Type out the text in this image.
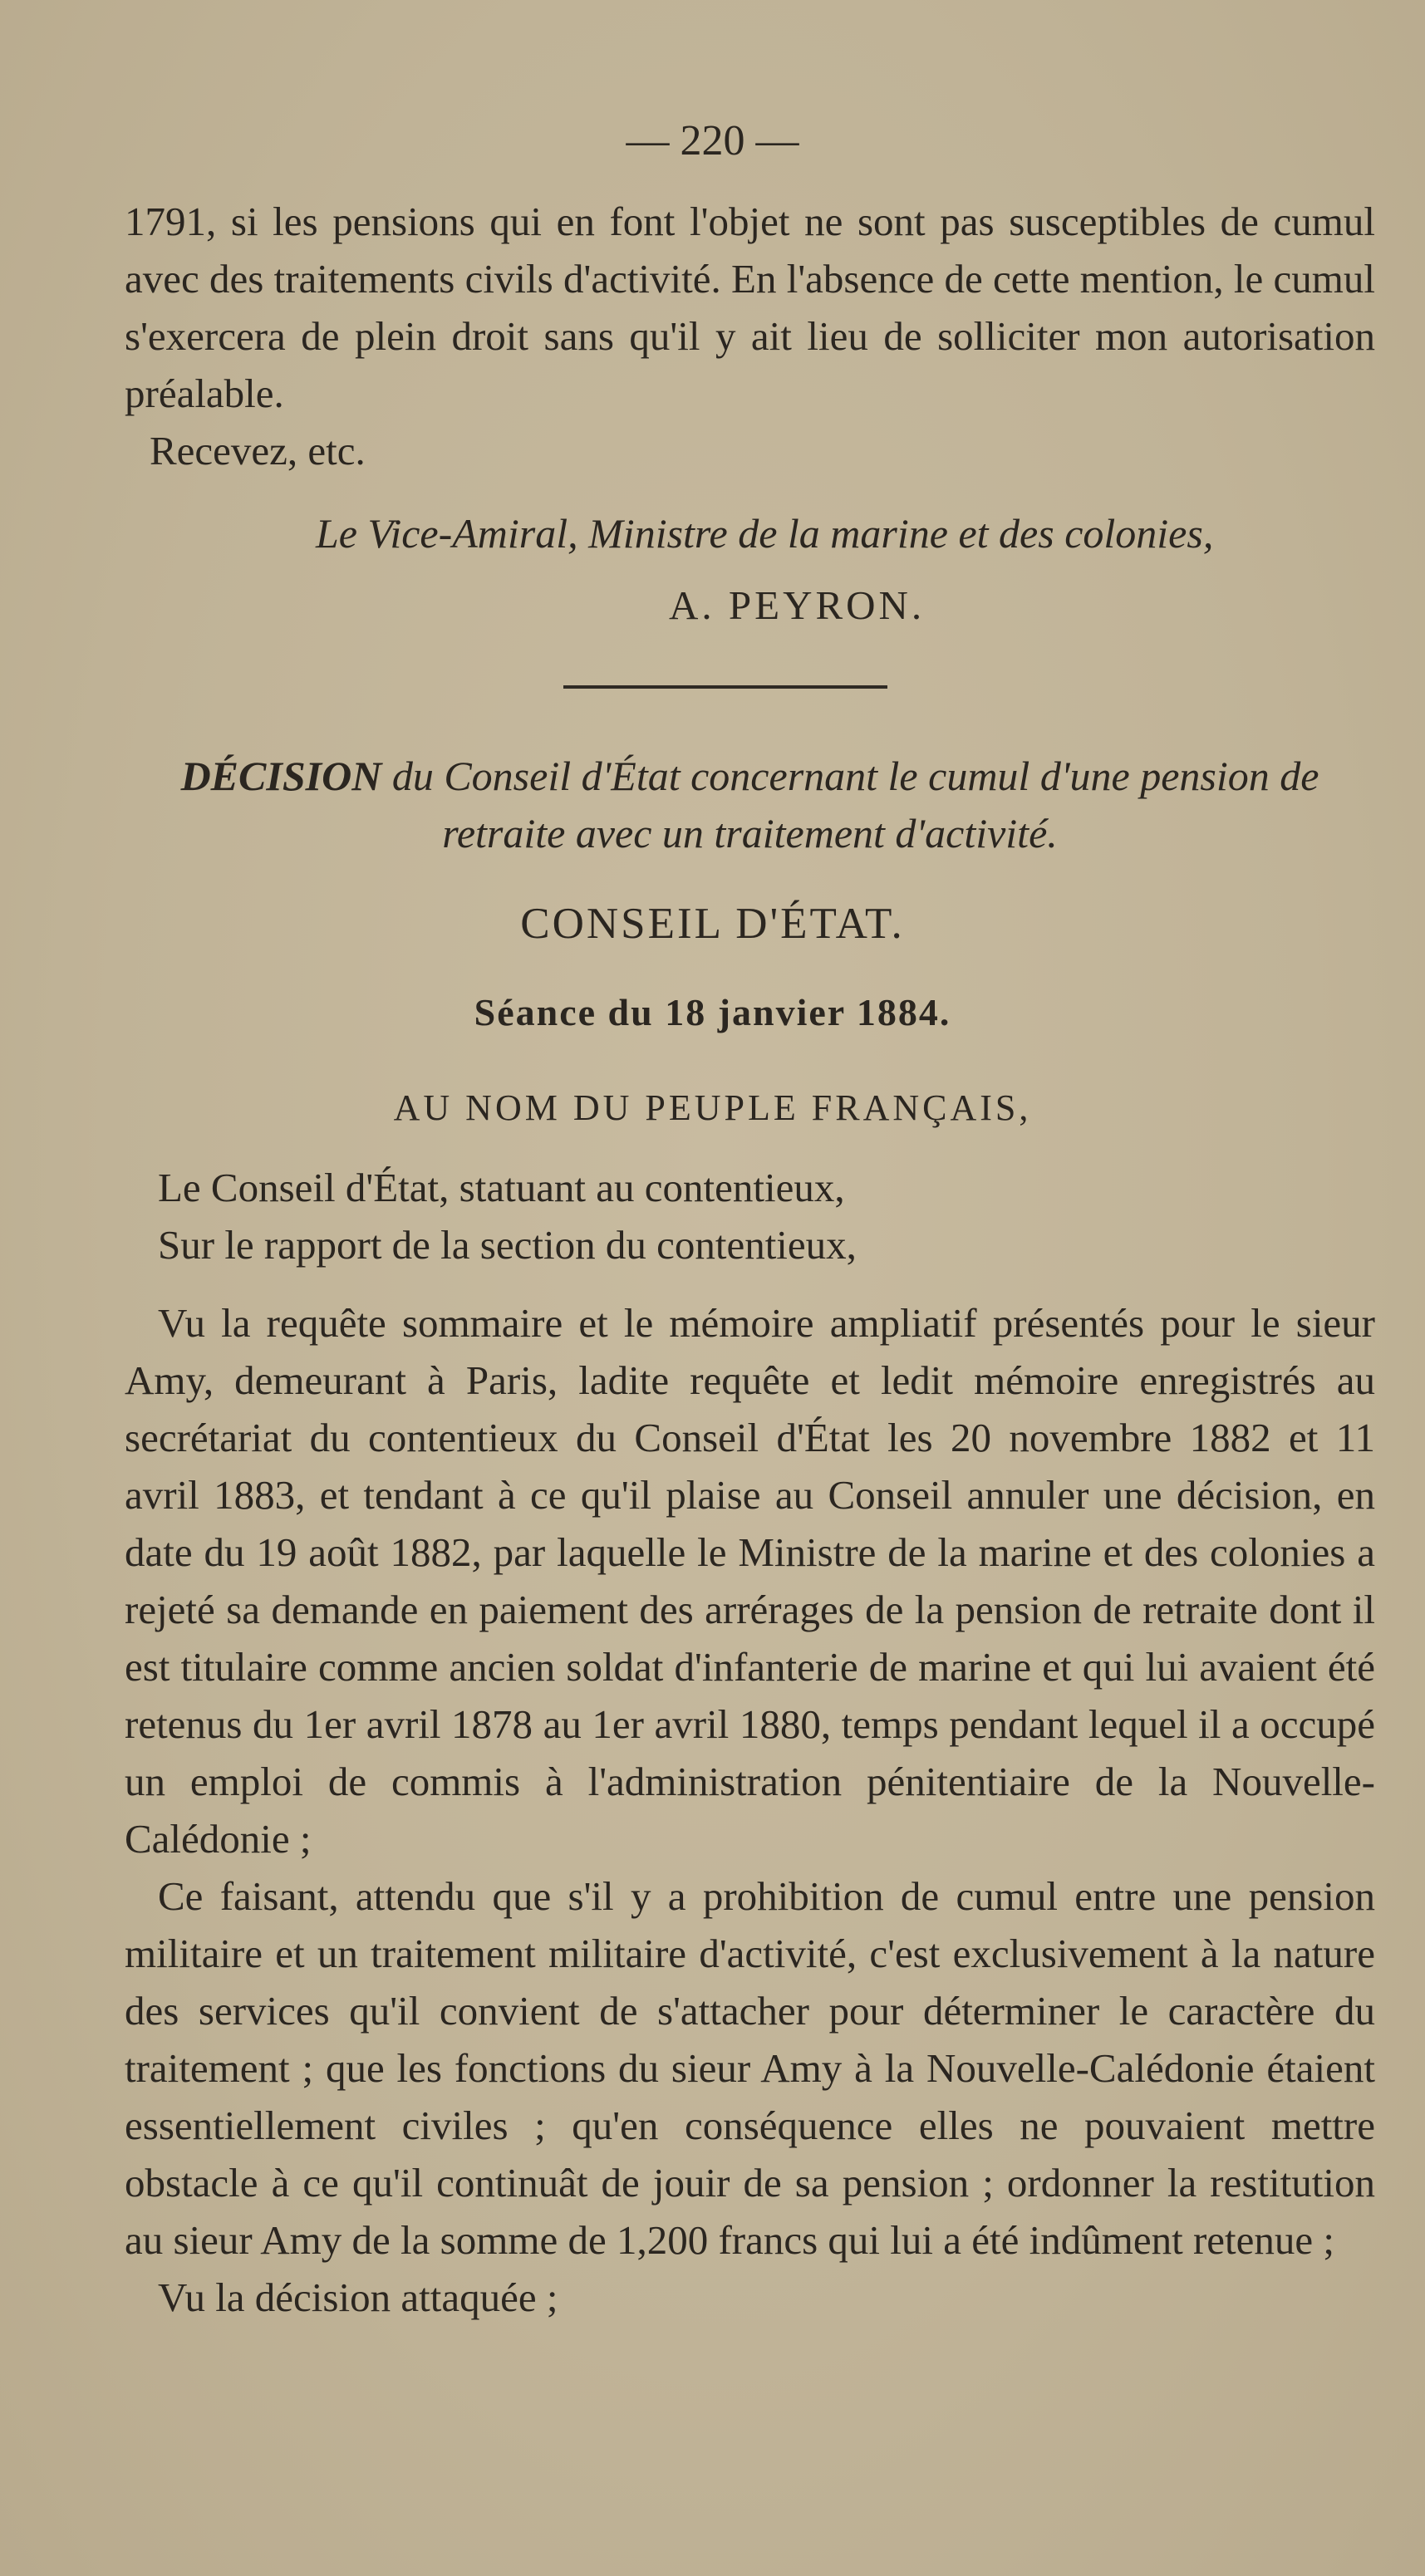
— 220 —

1791, si les pensions qui en font l'objet ne sont pas susceptibles de cumul avec des traitements civils d'activité. En l'absence de cette mention, le cumul s'exercera de plein droit sans qu'il y ait lieu de solliciter mon autorisation préalable.

Recevez, etc.

Le Vice-Amiral, Ministre de la marine et des colonies,
A. PEYRON.
DÉCISION du Conseil d'État concernant le cumul d'une pension de retraite avec un traitement d'activité.
CONSEIL D'ÉTAT.
Séance du 18 janvier 1884.
AU NOM DU PEUPLE FRANÇAIS,

Le Conseil d'État, statuant au contentieux,

Sur le rapport de la section du contentieux,

Vu la requête sommaire et le mémoire ampliatif présentés pour le sieur Amy, demeurant à Paris, ladite requête et ledit mémoire enregistrés au secrétariat du contentieux du Conseil d'État les 20 novembre 1882 et 11 avril 1883, et tendant à ce qu'il plaise au Conseil annuler une décision, en date du 19 août 1882, par laquelle le Ministre de la marine et des colonies a rejeté sa demande en paiement des arrérages de la pension de retraite dont il est titulaire comme ancien soldat d'infanterie de marine et qui lui avaient été retenus du 1er avril 1878 au 1er avril 1880, temps pendant lequel il a occupé un emploi de commis à l'administration pénitentiaire de la Nouvelle-Calédonie ;

Ce faisant, attendu que s'il y a prohibition de cumul entre une pension militaire et un traitement militaire d'activité, c'est exclusivement à la nature des services qu'il convient de s'attacher pour déterminer le caractère du traitement ; que les fonctions du sieur Amy à la Nouvelle-Calédonie étaient essentiellement civiles ; qu'en conséquence elles ne pouvaient mettre obstacle à ce qu'il continuât de jouir de sa pension ; ordonner la restitution au sieur Amy de la somme de 1,200 francs qui lui a été indûment retenue ;

Vu la décision attaquée ;
